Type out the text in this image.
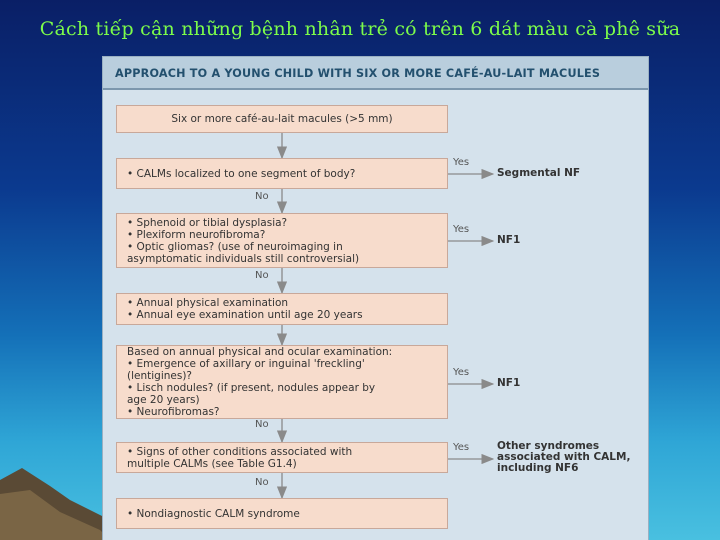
Cách tiếp cận những bệnh nhân trẻ có trên 6 dát màu cà phê sữa
APPROACH TO A YOUNG CHILD WITH SIX OR MORE CAFÉ-AU-LAIT MACULES
Six or more café-au-lait macules (>5 mm)
• CALMs localized to one segment of body?
• Sphenoid or tibial dysplasia?
• Plexiform neurofibroma?
• Optic gliomas? (use of neuroimaging in
asymptomatic individuals still controversial)
• Annual physical examination
• Annual eye examination until age 20 years
Based on annual physical and ocular examination:
• Emergence of axillary or inguinal 'freckling'
(lentigines)?
• Lisch nodules? (if present, nodules appear by
age 20 years)
• Neurofibromas?
• Signs of other conditions associated with
multiple CALMs (see Table G1.4)
• Nondiagnostic CALM syndrome
Yes
Yes
Yes
Yes
No
No
No
No
Segmental NF
NF1
NF1
Other syndromes
associated with CALM,
including NF6
